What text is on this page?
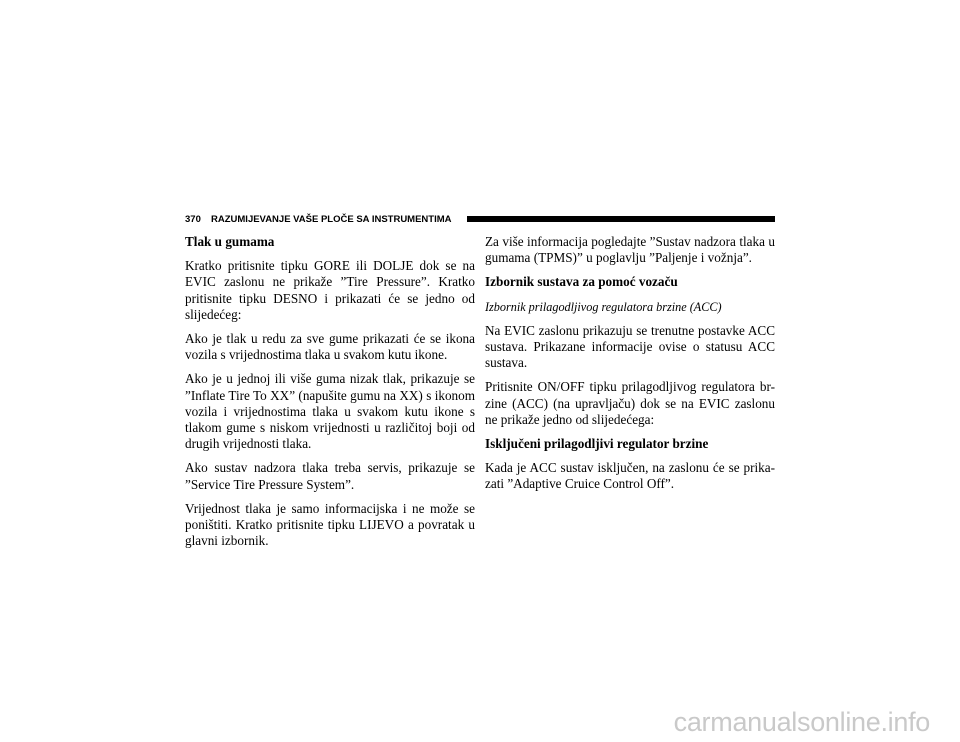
370 RAZUMIJEVANJE VAŠE PLOČE SA INSTRUMENTIMA
Tlak u gumama

Kratko pritisnite tipku GORE ili DOLJE dok se na EVIC zaslonu ne prikaže ”Tire Pressure”. Kratko pritisnite tipku DESNO i prikazati će se jedno od slijedećeg:

Ako je tlak u redu za sve gume prikazati će se ikona vozila s vrijednostima tlaka u svakom kutu ikone.

Ako je u jednoj ili više guma nizak tlak, prikazuje se ”Inflate Tire To XX” (napušite gumu na XX) s ikonom vozila i vrijednostima tlaka u svakom kutu ikone s tlakom gume s niskom vrijednosti u različitoj boji od drugih vrijednosti tlaka.

Ako sustav nadzora tlaka treba servis, prikazuje se ”Service Tire Pressure System”.

Vrijednost tlaka je samo informacijska i ne može se poništiti. Kratko pritisnite tipku LIJEVO a povratak u glavni izbornik.

Za više informacija pogledajte ”Sustav nadzora tlaka u gumama (TPMS)” u poglavlju ”Paljenje i vožnja”.

Izbornik sustava za pomoć vozaču
Izbornik prilagodljivog regulatora brzine (ACC)

Na EVIC zaslonu prikazuju se trenutne postavke ACC sustava. Prikazane informacije ovise o statusu ACC sustava.

Pritisnite ON/OFF tipku prilagodljivog regulatora br-zine (ACC) (na upravljaču) dok se na EVIC zaslonu ne prikaže jedno od slijedećega:

Isključeni prilagodljivi regulator brzine

Kada je ACC sustav isključen, na zaslonu će se prika-zati ”Adaptive Cruice Control Off”.

carmanualsonline.info
